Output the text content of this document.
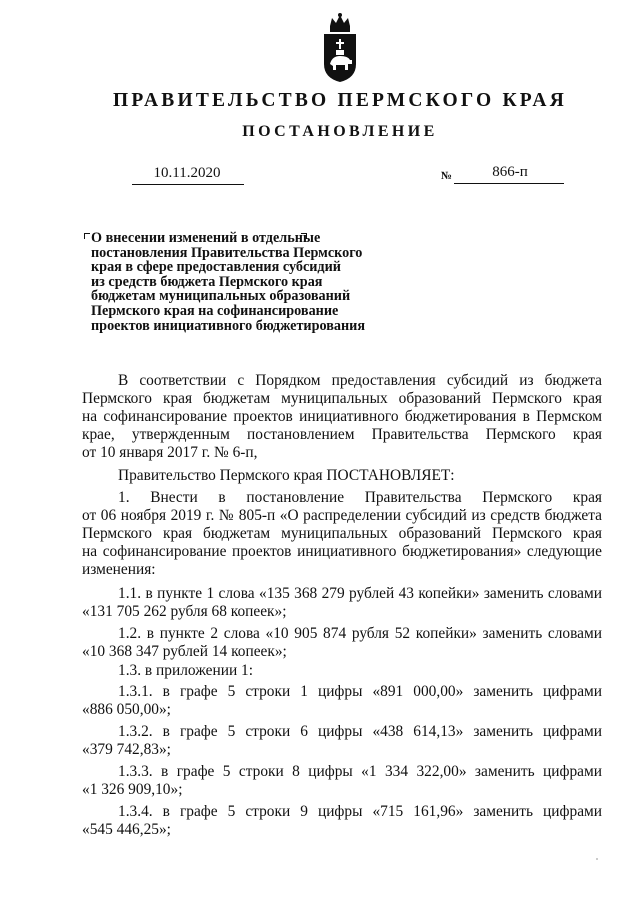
ПРАВИТЕЛЬСТВО ПЕРМСКОГО КРАЯ
ПОСТАНОВЛЕНИЕ
10.11.2020	№	866-п
О внесении изменений в отдельные
постановления Правительства Пермского
края в сфере предоставления субсидий
из средств бюджета Пермского края
бюджетам муниципальных образований
Пермского края на софинансирование
проектов инициативного бюджетирования
В соответствии с Порядком предоставления субсидий из бюджета
Пермского края бюджетам муниципальных образований Пермского края
на софинансирование проектов инициативного бюджетирования в Пермском
крае, утвержденным постановлением Правительства Пермского края
от 10 января 2017 г. № 6-п,
Правительство Пермского края ПОСТАНОВЛЯЕТ:
1. Внести в постановление Правительства Пермского края
от 06 ноября 2019 г. № 805-п «О распределении субсидий из средств бюджета
Пермского края бюджетам муниципальных образований Пермского края
на софинансирование проектов инициативного бюджетирования» следующие
изменения:
1.1. в пункте 1 слова «135 368 279 рублей 43 копейки» заменить словами
«131 705 262 рубля 68 копеек»;
1.2. в пункте 2 слова «10 905 874 рубля 52 копейки» заменить словами
«10 368 347 рублей 14 копеек»;
1.3. в приложении 1:
1.3.1. в графе 5 строки 1 цифры «891 000,00» заменить цифрами
«886 050,00»;
1.3.2. в графе 5 строки 6 цифры «438 614,13» заменить цифрами
«379 742,83»;
1.3.3. в графе 5 строки 8 цифры «1 334 322,00» заменить цифрами
«1 326 909,10»;
1.3.4. в графе 5 строки 9 цифры «715 161,96» заменить цифрами
«545 446,25»;
